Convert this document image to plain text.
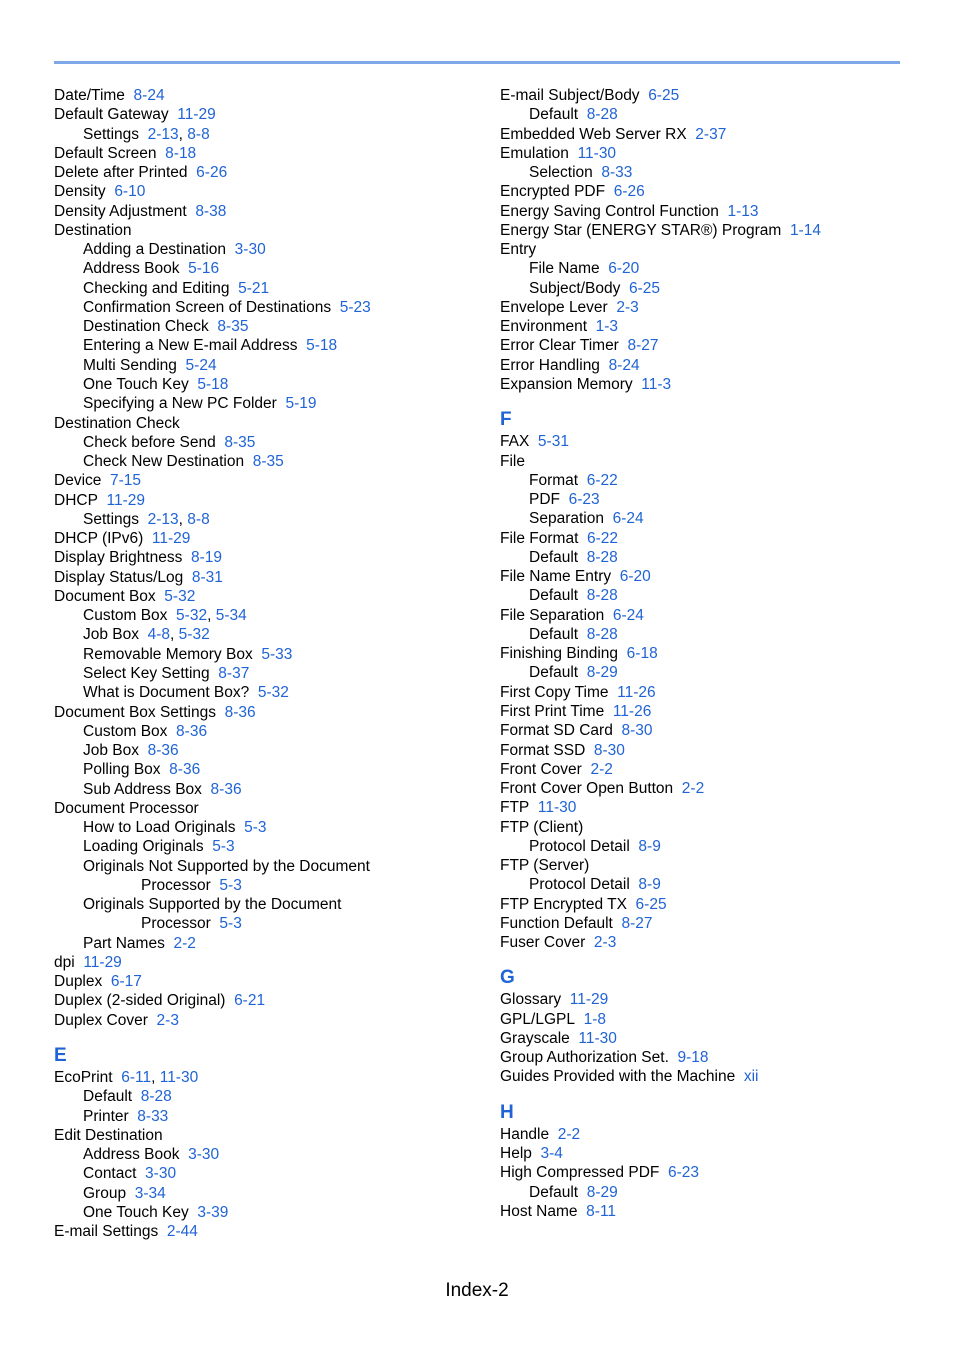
Date/Time 8-24
Default Gateway 11-29
Settings 2-13, 8-8
Default Screen 8-18
Delete after Printed 6-26
Density 6-10
Density Adjustment 8-38
Destination
Adding a Destination 3-30
Address Book 5-16
Checking and Editing 5-21
Confirmation Screen of Destinations 5-23
Destination Check 8-35
Entering a New E-mail Address 5-18
Multi Sending 5-24
One Touch Key 5-18
Specifying a New PC Folder 5-19
Destination Check
Check before Send 8-35
Check New Destination 8-35
Device 7-15
DHCP 11-29
Settings 2-13, 8-8
DHCP (IPv6) 11-29
Display Brightness 8-19
Display Status/Log 8-31
Document Box 5-32
Custom Box 5-32, 5-34
Job Box 4-8, 5-32
Removable Memory Box 5-33
Select Key Setting 8-37
What is Document Box? 5-32
Document Box Settings 8-36
Custom Box 8-36
Job Box 8-36
Polling Box 8-36
Sub Address Box 8-36
Document Processor
How to Load Originals 5-3
Loading Originals 5-3
Originals Not Supported by the Document
Processor 5-3
Originals Supported by the Document
Processor 5-3
Part Names 2-2
dpi 11-29
Duplex 6-17
Duplex (2-sided Original) 6-21
Duplex Cover 2-3
E
EcoPrint 6-11, 11-30
Default 8-28
Printer 8-33
Edit Destination
Address Book 3-30
Contact 3-30
Group 3-34
One Touch Key 3-39
E-mail Settings 2-44
E-mail Subject/Body 6-25
Default 8-28
Embedded Web Server RX 2-37
Emulation 11-30
Selection 8-33
Encrypted PDF 6-26
Energy Saving Control Function 1-13
Energy Star (ENERGY STAR®) Program 1-14
Entry
File Name 6-20
Subject/Body 6-25
Envelope Lever 2-3
Environment 1-3
Error Clear Timer 8-27
Error Handling 8-24
Expansion Memory 11-3
F
FAX 5-31
File
Format 6-22
PDF 6-23
Separation 6-24
File Format 6-22
Default 8-28
File Name Entry 6-20
Default 8-28
File Separation 6-24
Default 8-28
Finishing Binding 6-18
Default 8-29
First Copy Time 11-26
First Print Time 11-26
Format SD Card 8-30
Format SSD 8-30
Front Cover 2-2
Front Cover Open Button 2-2
FTP 11-30
FTP (Client)
Protocol Detail 8-9
FTP (Server)
Protocol Detail 8-9
FTP Encrypted TX 6-25
Function Default 8-27
Fuser Cover 2-3
G
Glossary 11-29
GPL/LGPL 1-8
Grayscale 11-30
Group Authorization Set. 9-18
Guides Provided with the Machine xii
H
Handle 2-2
Help 3-4
High Compressed PDF 6-23
Default 8-29
Host Name 8-11
Index-2
